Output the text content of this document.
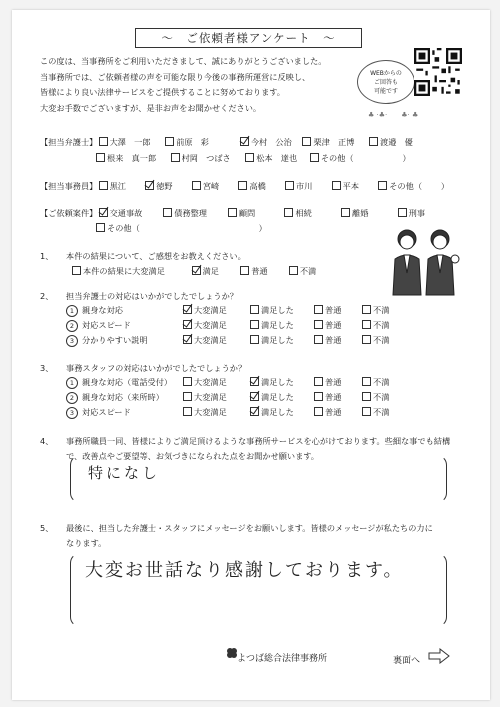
～　ご依頼者様アンケート　～
この度は、当事務所をご利用いただきまして、誠にありがとうございました。
当事務所では、ご依頼者様の声を可能な限り今後の事務所運営に反映し、
皆様により良い法律サービスをご提供することに努めております。
大変お手数でございますが、是非お声をお聞かせください。
WEBからの
ご回答も
可能です
♣ ·♣·　　♣· ♣
【担当弁護士】 大澤　一郎	前原　彩	今村　公治	栗津　正博	渡邉　優
根来　真一郎	村岡　つばさ	松本　達也	その他（	）
【担当事務員】 黒江	徳野	宮崎	高橋	市川	平本	その他（ ）
【ご依頼案件】 交通事故	債務整理	顧問	相続	離婚	刑事
その他（	）
1、 本件の結果について、ご感想をお教えください。
本件の結果に大変満足	満足	普通	不満
2、 担当弁護士の対応はいかがでしたでしょうか？
1 親身な対応	大変満足	満足した	普通	不満
2 対応スピード	大変満足	満足した	普通	不満
3 分かりやすい説明	大変満足	満足した	普通	不満
3、 事務スタッフの対応はいかがでしたでしょうか？
1 親身な対応（電話受付）	大変満足	満足した	普通	不満
2 親身な対応（来所時）	大変満足	満足した	普通	不満
3 対応スピード	大変満足	満足した	普通	不満
4、 事務所職員一同、皆様によりご満足頂けるような事務所サービスを心がけております。些細な事でも結構
で、改善点やご要望等、お気づきになられた点をお聞かせ願います。
特になし
5、 最後に、担当した弁護士・スタッフにメッセージをお願いします。皆様のメッセージが私たちの力に
なります。
大変お世話なり感謝しております。
よつば総合法律事務所	裏面へ
